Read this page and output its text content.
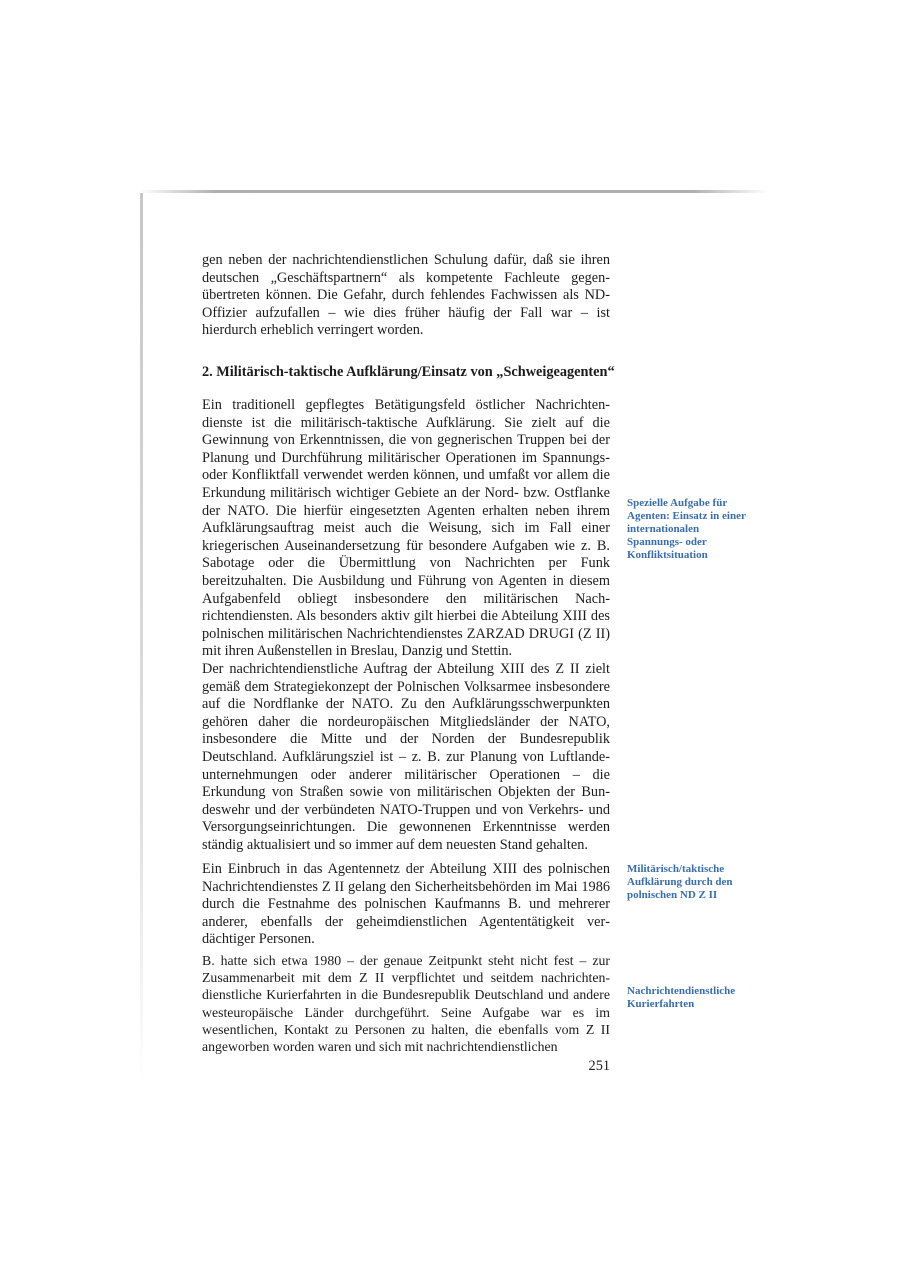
gen neben der nachrichtendienstlichen Schulung dafür, daß sie ihren deutschen „Geschäftspartnern“ als kompetente Fachleute gegenübertreten können. Die Gefahr, durch fehlendes Fachwissen als ND-Offizier aufzufallen – wie dies früher häufig der Fall war – ist hierdurch erheblich verringert worden.

2. Militärisch-taktische Aufklärung/Einsatz von „Schweigeagenten“

Ein traditionell gepflegtes Betätigungsfeld östlicher Nachrichtendienste ist die militärisch-taktische Aufklärung. Sie zielt auf die Gewinnung von Erkenntnissen, die von gegnerischen Truppen bei der Planung und Durchführung militärischer Operationen im Spannungs- oder Konfliktfall verwendet werden können, und umfaßt vor allem die Erkundung militärisch wichtiger Gebiete an der Nord- bzw. Ostflanke der NATO. Die hierfür eingesetzten Agenten erhalten neben ihrem Aufklärungsauftrag meist auch die Weisung, sich im Fall einer kriegerischen Auseinandersetzung für besondere Aufgaben wie z. B. Sabotage oder die Übermittlung von Nachrichten per Funk bereitzuhalten. Die Ausbildung und Führung von Agenten in diesem Aufgabenfeld obliegt insbesondere den militärischen Nachrichtendiensten. Als besonders aktiv gilt hierbei die Abteilung XIII des polnischen militärischen Nachrichtendienstes ZARZAD DRUGI (Z II) mit ihren Außenstellen in Breslau, Danzig und Stettin.

Der nachrichtendienstliche Auftrag der Abteilung XIII des Z II zielt gemäß dem Strategiekonzept der Polnischen Volksarmee insbesondere auf die Nordflanke der NATO. Zu den Aufklärungsschwerpunkten gehören daher die nordeuropäischen Mitgliedsländer der NATO, insbesondere die Mitte und der Norden der Bundesrepublik Deutschland. Aufklärungsziel ist – z. B. zur Planung von Luftlandeunternehmungen oder anderer militärischer Operationen – die Erkundung von Straßen sowie von militärischen Objekten der Bundeswehr und der verbündeten NATO-Truppen und von Verkehrs- und Versorgungseinrichtungen. Die gewonnenen Erkenntnisse werden ständig aktualisiert und so immer auf dem neuesten Stand gehalten.

Ein Einbruch in das Agentennetz der Abteilung XIII des polnischen Nachrichtendienstes Z II gelang den Sicherheitsbehörden im Mai 1986 durch die Festnahme des polnischen Kaufmanns B. und mehrerer anderer, ebenfalls der geheimdienstlichen Agententätigkeit verdächtiger Personen.

B. hatte sich etwa 1980 – der genaue Zeitpunkt steht nicht fest – zur Zusammenarbeit mit dem Z II verpflichtet und seitdem nachrichtendienstliche Kurierfahrten in die Bundesrepublik Deutschland und andere westeuropäische Länder durchgeführt. Seine Aufgabe war es im wesentlichen, Kontakt zu Personen zu halten, die ebenfalls vom Z II angeworben worden waren und sich mit nachrichtendienstlichen

Spezielle Aufgabe für Agenten: Einsatz in einer internationalen Spannungs- oder Konfliktsituation

Militärisch/taktische Aufklärung durch den polnischen ND Z II

Nachrichtendienstliche Kurierfahrten

251
